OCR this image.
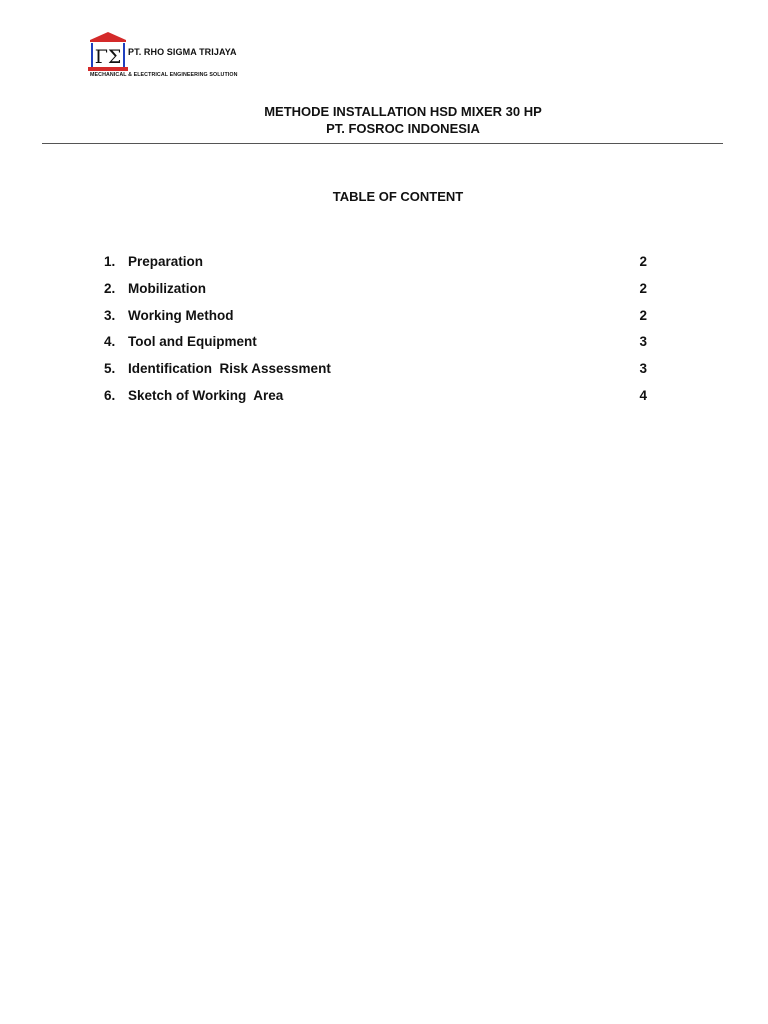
ΓΣ PT. RHO SIGMA TRIJAYA
MECHANICAL & ELECTRICAL ENGINEERING SOLUTION
METHODE INSTALLATION HSD MIXER 30 HP
PT. FOSROC INDONESIA
TABLE OF CONTENT
1. Preparation	2
2. Mobilization	2
3. Working Method	2
4. Tool and Equipment	3
5. Identification  Risk Assessment	3
6. Sketch of Working  Area	4
